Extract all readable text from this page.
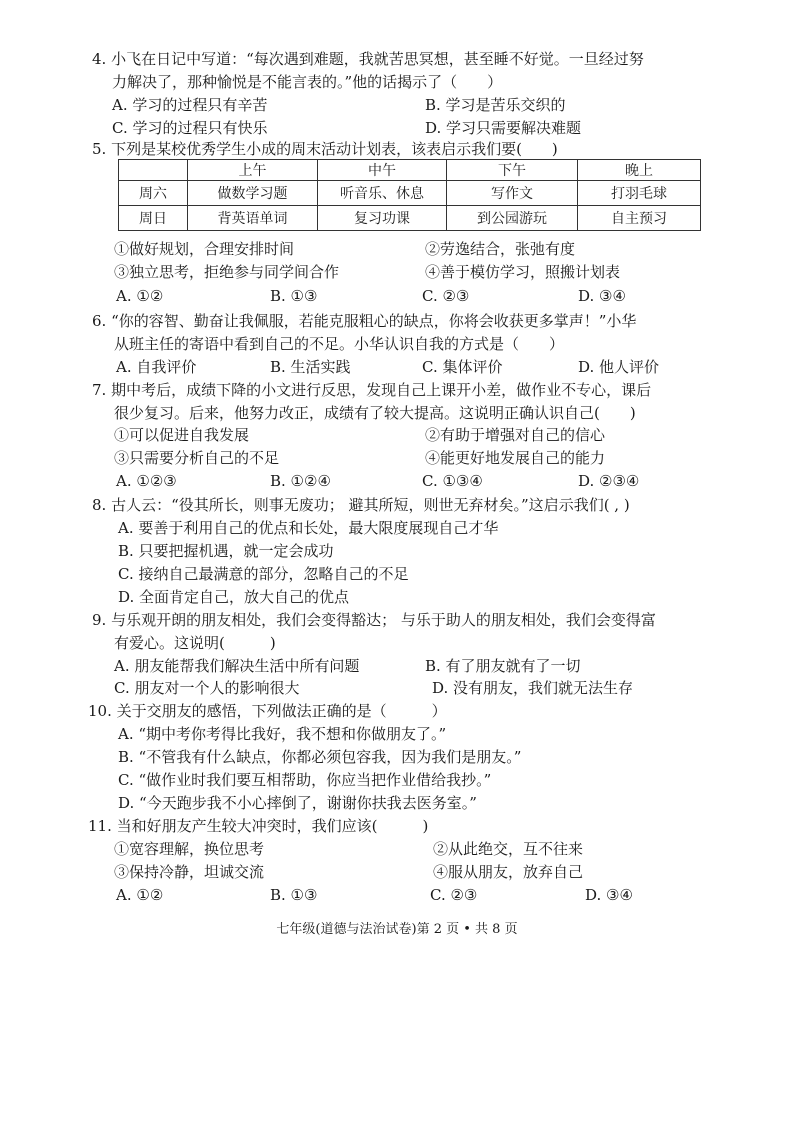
4. 小飞在日记中写道：“每次遇到难题，我就苦思冥想，甚至睡不好觉。一旦经过努
力解决了，那种愉悦是不能言表的。”他的话揭示了（　　）
A. 学习的过程只有辛苦	B. 学习是苦乐交织的
C. 学习的过程只有快乐	D. 学习只需要解决难题
5. 下列是某校优秀学生小成的周末活动计划表，该表启示我们要(　　)
	上午	中午	下午	晚上
周六	做数学习题	听音乐、休息	写作文	打羽毛球
周日	背英语单词	复习功课	到公园游玩	自主预习
①做好规划，合理安排时间	②劳逸结合，张弛有度
③独立思考，拒绝参与同学间合作	④善于模仿学习，照搬计划表
A. ①②	B. ①③	C. ②③	D. ③④
6. “你的容智、勤奋让我佩服，若能克服粗心的缺点，你将会收获更多掌声！”小华
从班主任的寄语中看到自己的不足。小华认识自我的方式是（　　）
A. 自我评价	B. 生活实践	C. 集体评价	D. 他人评价
7. 期中考后，成绩下降的小文进行反思，发现自己上课开小差，做作业不专心，课后
很少复习。后来，他努力改正，成绩有了较大提高。这说明正确认识自己(　　)
①可以促进自我发展	②有助于增强对自己的信心
③只需要分析自己的不足	④能更好地发展自己的能力
A. ①②③	B. ①②④	C. ①③④	D. ②③④
8. 古人云：“役其所长，则事无废功； 避其所短，则世无弃材矣。”这启示我们( , )
A. 要善于利用自己的优点和长处，最大限度展现自己才华
B. 只要把握机遇，就一定会成功
C. 接纳自己最满意的部分，忽略自己的不足
D. 全面肯定自己，放大自己的优点
9. 与乐观开朗的朋友相处，我们会变得豁达； 与乐于助人的朋友相处，我们会变得富
有爱心。这说明(　　　)
A. 朋友能帮我们解决生活中所有问题	B. 有了朋友就有了一切
C. 朋友对一个人的影响很大	D. 没有朋友，我们就无法生存
10. 关于交朋友的感悟，下列做法正确的是（　　　）
A. “期中考你考得比我好，我不想和你做朋友了。”
B. “不管我有什么缺点，你都必须包容我，因为我们是朋友。”
C. “做作业时我们要互相帮助，你应当把作业借给我抄。”
D. “今天跑步我不小心摔倒了，谢谢你扶我去医务室。”
11. 当和好朋友产生较大冲突时，我们应该(　　　)
①宽容理解，换位思考	②从此绝交，互不往来
③保持冷静，坦诚交流	④服从朋友，放弃自己
A. ①②	B. ①③	C. ②③	D. ③④
七年级(道德与法治试卷)第 2 页 • 共 8 页
